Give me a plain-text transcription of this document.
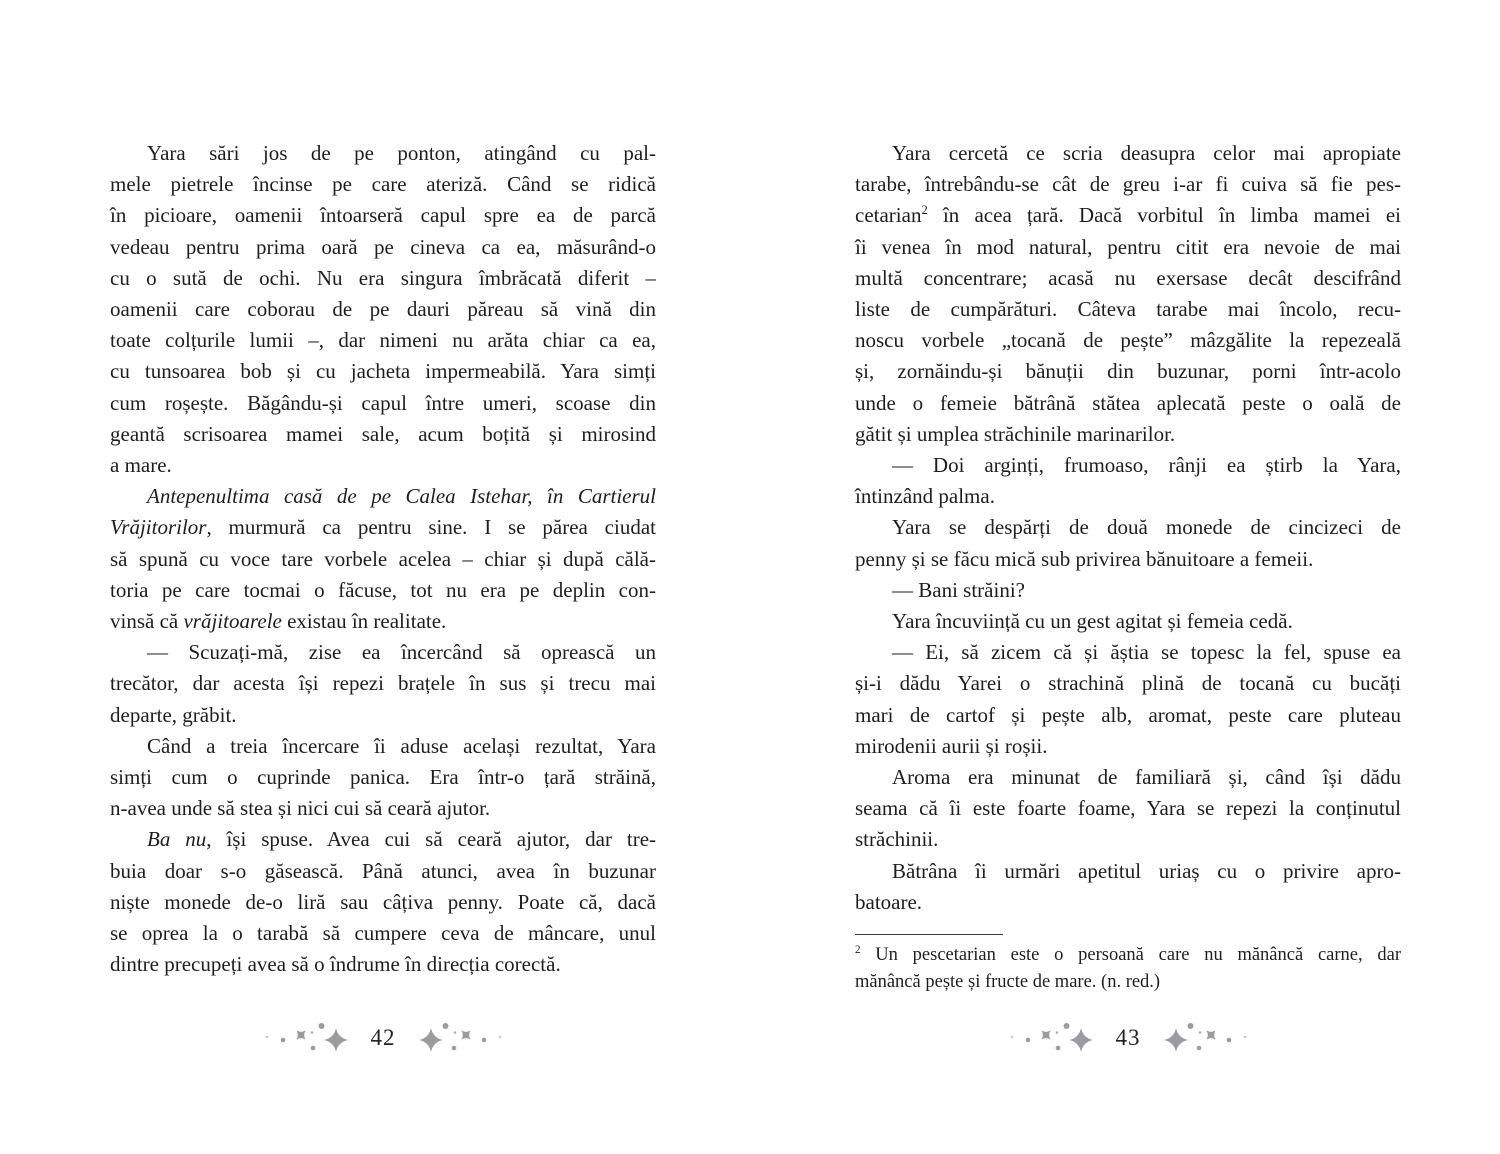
Yara sări jos de pe ponton, atingând cu pal-
mele pietrele încinse pe care ateriză. Când se ridică
în picioare, oamenii întoarseră capul spre ea de parcă
vedeau pentru prima oară pe cineva ca ea, măsurând-o
cu o sută de ochi. Nu era singura îmbrăcată diferit –
oamenii care coborau de pe dauri păreau să vină din
toate colțurile lumii –, dar nimeni nu arăta chiar ca ea,
cu tunsoarea bob și cu jacheta impermeabilă. Yara simți
cum roșește. Băgându-și capul între umeri, scoase din
geantă scrisoarea mamei sale, acum boțită și mirosind
a mare.
Antepenultima casă de pe Calea Istehar, în Cartierul
Vrăjitorilor, murmură ca pentru sine. I se părea ciudat
să spună cu voce tare vorbele acelea – chiar și după călă-
toria pe care tocmai o făcuse, tot nu era pe deplin con-
vinsă că vrăjitoarele existau în realitate.
— Scuzați-mă, zise ea încercând să oprească un
trecător, dar acesta își repezi brațele în sus și trecu mai
departe, grăbit.
Când a treia încercare îi aduse același rezultat, Yara
simți cum o cuprinde panica. Era într-o țară străină,
n-avea unde să stea și nici cui să ceară ajutor.
Ba nu, își spuse. Avea cui să ceară ajutor, dar tre-
buia doar s-o găsească. Până atunci, avea în buzunar
niște monede de-o liră sau câțiva penny. Poate că, dacă
se oprea la o tarabă să cumpere ceva de mâncare, unul
dintre precupeți avea să o îndrume în direcția corectă.
Yara cercetă ce scria deasupra celor mai apropiate
tarabe, întrebându-se cât de greu i-ar fi cuiva să fie pes-
cetarian$^2$ în acea țară. Dacă vorbitul în limba mamei ei
îi venea în mod natural, pentru citit era nevoie de mai
multă concentrare; acasă nu exersase decât descifrând
liste de cumpărături. Câteva tarabe mai încolo, recu-
noscu vorbele „tocană de pește” mâzgălite la repezeală
și, zornăindu-și bănuții din buzunar, porni într-acolo
unde o femeie bătrână stătea aplecată peste o oală de
gătit și umplea străchinile marinarilor.
— Doi arginți, frumoaso, rânji ea știrb la Yara,
întinzând palma.
Yara se despărți de două monede de cincizeci de
penny și se făcu mică sub privirea bănuitoare a femeii.
— Bani străini?
Yara încuviință cu un gest agitat și femeia cedă.
— Ei, să zicem că și ăștia se topesc la fel, spuse ea
și-i dădu Yarei o strachină plină de tocană cu bucăți
mari de cartof și pește alb, aromat, peste care pluteau
mirodenii aurii și roșii.
Aroma era minunat de familiară și, când își dădu
seama că îi este foarte foame, Yara se repezi la conținutul
străchinii.
Bătrâna îi urmări apetitul uriaș cu o privire apro-
batoare.
$^2$ Un pescetarian este o persoană care nu mănâncă carne, dar
mănâncă pește și fructe de mare. (n. red.)
42	43
